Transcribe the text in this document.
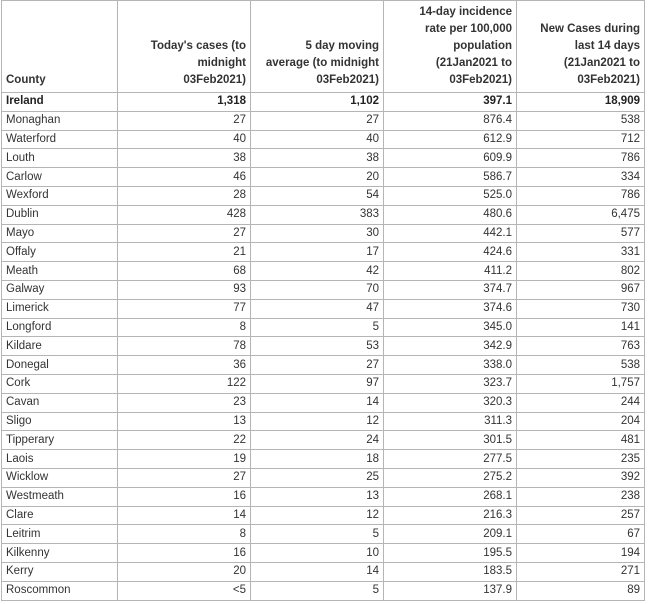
County	Today's cases (to
midnight
03Feb2021)	5 day moving
average (to midnight
03Feb2021)	14-day incidence
rate per 100,000
population
(21Jan2021 to
03Feb2021)	New Cases during
last 14 days
(21Jan2021 to
03Feb2021)

Ireland	1,318	1,102	397.1	18,909
Monaghan	27	27	876.4	538
Waterford	40	40	612.9	712
Louth	38	38	609.9	786
Carlow	46	20	586.7	334
Wexford	28	54	525.0	786
Dublin	428	383	480.6	6,475
Mayo	27	30	442.1	577
Offaly	21	17	424.6	331
Meath	68	42	411.2	802
Galway	93	70	374.7	967
Limerick	77	47	374.6	730
Longford	8	5	345.0	141
Kildare	78	53	342.9	763
Donegal	36	27	338.0	538
Cork	122	97	323.7	1,757
Cavan	23	14	320.3	244
Sligo	13	12	311.3	204
Tipperary	22	24	301.5	481
Laois	19	18	277.5	235
Wicklow	27	25	275.2	392
Westmeath	16	13	268.1	238
Clare	14	12	216.3	257
Leitrim	8	5	209.1	67
Kilkenny	16	10	195.5	194
Kerry	20	14	183.5	271
Roscommon	<5	5	137.9	89
